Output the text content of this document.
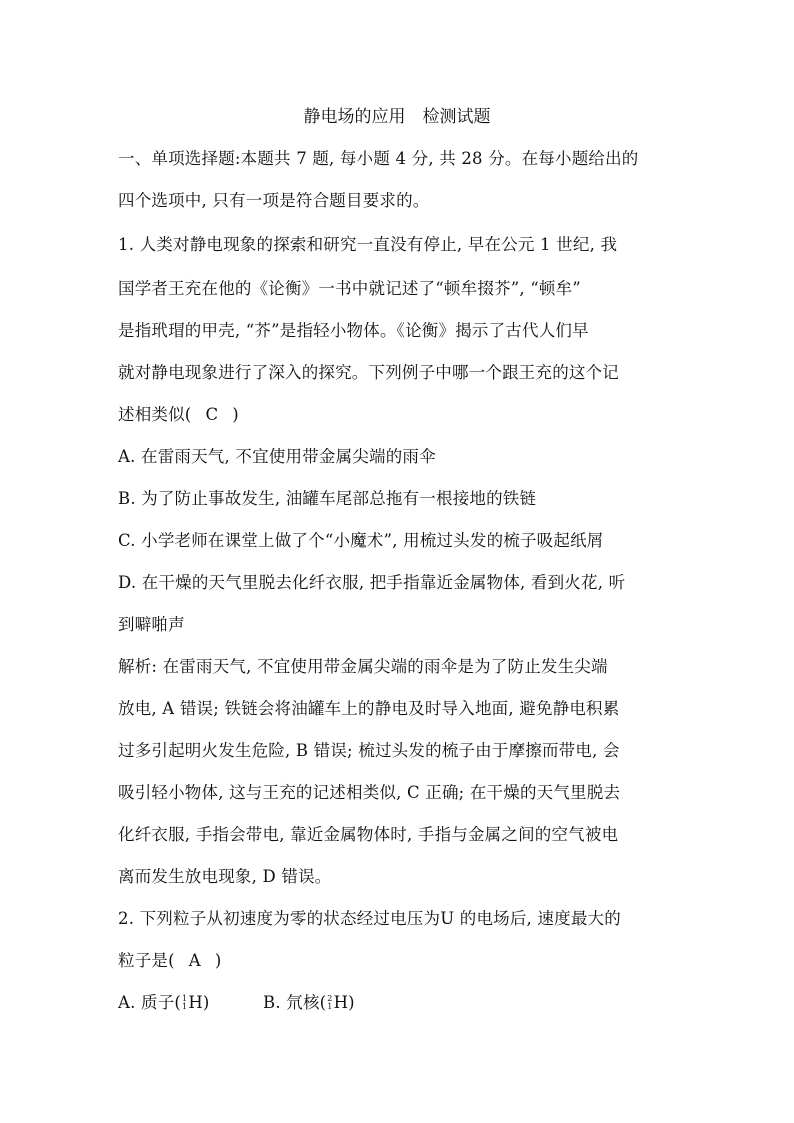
静电场的应用　检测试题
一、单项选择题:本题共 7 题, 每小题 4 分, 共 28 分。在每小题给出的
四个选项中, 只有一项是符合题目要求的。
1. 人类对静电现象的探索和研究一直没有停止, 早在公元 1 世纪, 我
国学者王充在他的《论衡》一书中就记述了“顿牟掇芥”, “顿牟”
是指玳瑁的甲壳, “芥”是指轻小物体。《论衡》揭示了古代人们早
就对静电现象进行了深入的探究。下列例子中哪一个跟王充的这个记
述相类似( C )
A. 在雷雨天气, 不宜使用带金属尖端的雨伞
B. 为了防止事故发生, 油罐车尾部总拖有一根接地的铁链
C. 小学老师在课堂上做了个“小魔术”, 用梳过头发的梳子吸起纸屑
D. 在干燥的天气里脱去化纤衣服, 把手指靠近金属物体, 看到火花, 听
到噼啪声
解析: 在雷雨天气, 不宜使用带金属尖端的雨伞是为了防止发生尖端
放电, A 错误; 铁链会将油罐车上的静电及时导入地面, 避免静电积累
过多引起明火发生危险, B 错误; 梳过头发的梳子由于摩擦而带电, 会
吸引轻小物体, 这与王充的记述相类似, C 正确; 在干燥的天气里脱去
化纤衣服, 手指会带电, 靠近金属物体时, 手指与金属之间的空气被电
离而发生放电现象, D 错误。
2. 下列粒子从初速度为零的状态经过电压为U 的电场后, 速度最大的
粒子是( A )
A. 质子( 1
1 H)
	B. 氘核( 2
1 H)
